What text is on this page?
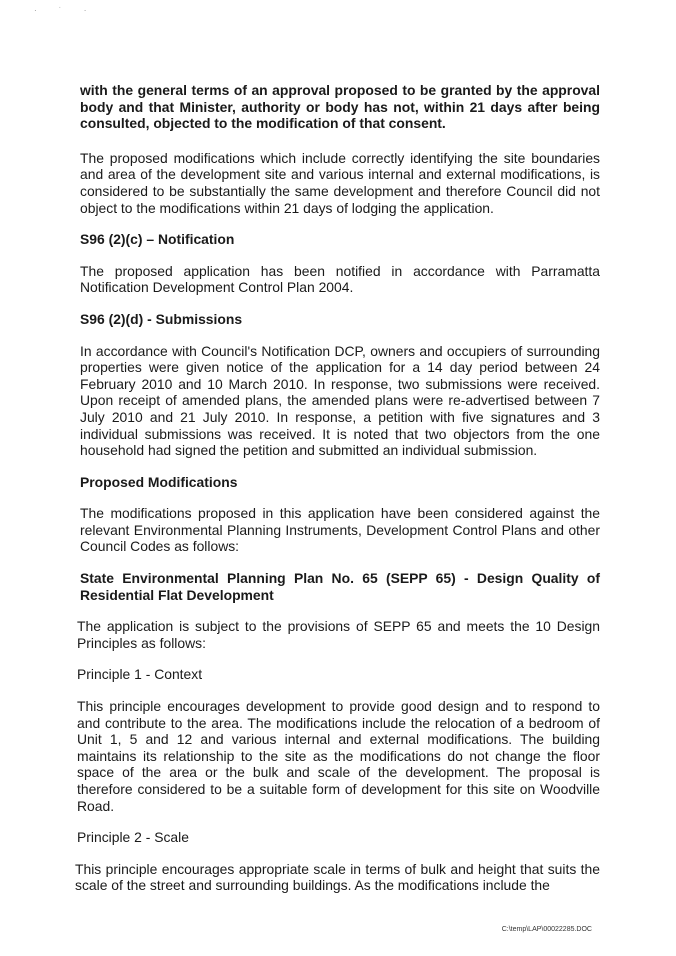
· ˙ ·

with the general terms of an approval proposed to be granted by the approval body and that Minister, authority or body has not, within 21 days after being consulted, objected to the modification of that consent.

The proposed modifications which include correctly identifying the site boundaries and area of the development site and various internal and external modifications, is considered to be substantially the same development and therefore Council did not object to the modifications within 21 days of lodging the application.

S96 (2)(c) – Notification

The proposed application has been notified in accordance with Parramatta Notification Development Control Plan 2004.

S96 (2)(d) - Submissions

In accordance with Council's Notification DCP, owners and occupiers of surrounding properties were given notice of the application for a 14 day period between 24 February 2010 and 10 March 2010. In response, two submissions were received. Upon receipt of amended plans, the amended plans were re-advertised between 7 July 2010 and 21 July 2010. In response, a petition with five signatures and 3 individual submissions was received. It is noted that two objectors from the one household had signed the petition and submitted an individual submission.

Proposed Modifications

The modifications proposed in this application have been considered against the relevant Environmental Planning Instruments, Development Control Plans and other Council Codes as follows:

State Environmental Planning Plan No. 65 (SEPP 65) - Design Quality of Residential Flat Development

The application is subject to the provisions of SEPP 65 and meets the 10 Design Principles as follows:

Principle 1 - Context

This principle encourages development to provide good design and to respond to and contribute to the area. The modifications include the relocation of a bedroom of Unit 1, 5 and 12 and various internal and external modifications. The building maintains its relationship to the site as the modifications do not change the floor space of the area or the bulk and scale of the development. The proposal is therefore considered to be a suitable form of development for this site on Woodville Road.

Principle 2 - Scale

This principle encourages appropriate scale in terms of bulk and height that suits the scale of the street and surrounding buildings. As the modifications include the

C:\temp\LAP\00022285.DOC
